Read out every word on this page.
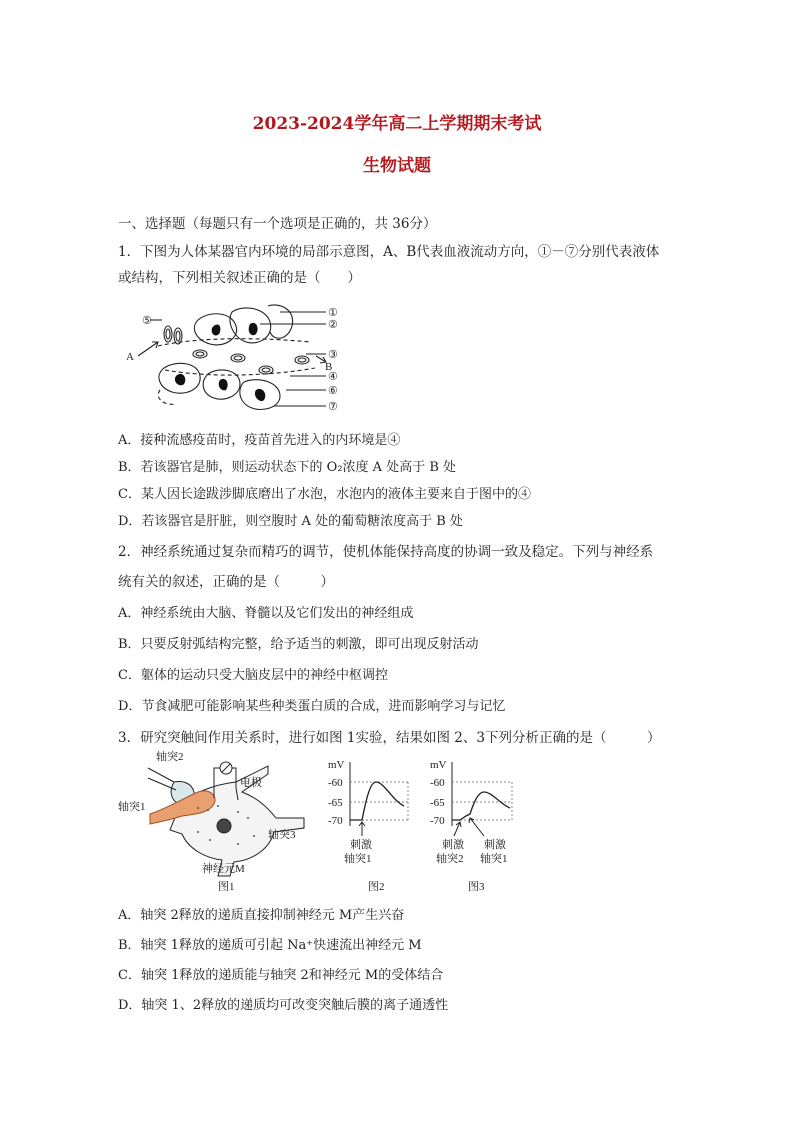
2023-2024学年高二上学期期末考试
生物试题
一、选择题（每题只有一个选项是正确的，共 36分）
1．下图为人体某器官内环境的局部示意图，A、B代表血液流动方向，①－⑦分别代表液体
或结构，下列相关叙述正确的是（　　）
⑤
A
①
②
③
B
④
⑥
⑦
A．接种流感疫苗时，疫苗首先进入的内环境是④
B．若该器官是肺，则运动状态下的 O₂浓度 A 处高于 B 处
C．某人因长途跋涉脚底磨出了水泡，水泡内的液体主要来自于图中的④
D．若该器官是肝脏，则空腹时 A 处的葡萄糖浓度高于 B 处
2．神经系统通过复杂而精巧的调节，使机体能保持高度的协调一致及稳定。下列与神经系
统有关的叙述，正确的是（　　　）
A．神经系统由大脑、脊髓以及它们发出的神经组成
B．只要反射弧结构完整，给予适当的刺激，即可出现反射活动
C．躯体的运动只受大脑皮层中的神经中枢调控
D．节食减肥可能影响某些种类蛋白质的合成，进而影响学习与记忆
3．研究突触间作用关系时，进行如图 1实验，结果如图 2、3下列分析正确的是（　　　）
轴突2
轴突1
轴突3
电极
神经元M
图1
mV
-60
-65
-70
刺激
轴突1
图2
mV
-60
-65
-70
刺激
轴突2
刺激
轴突1
图3
A．轴突 2释放的递质直接抑制神经元 M产生兴奋
B．轴突 1释放的递质可引起 Na⁺快速流出神经元 M
C．轴突 1释放的递质能与轴突 2和神经元 M的受体结合
D．轴突 1、2释放的递质均可改变突触后膜的离子通透性
